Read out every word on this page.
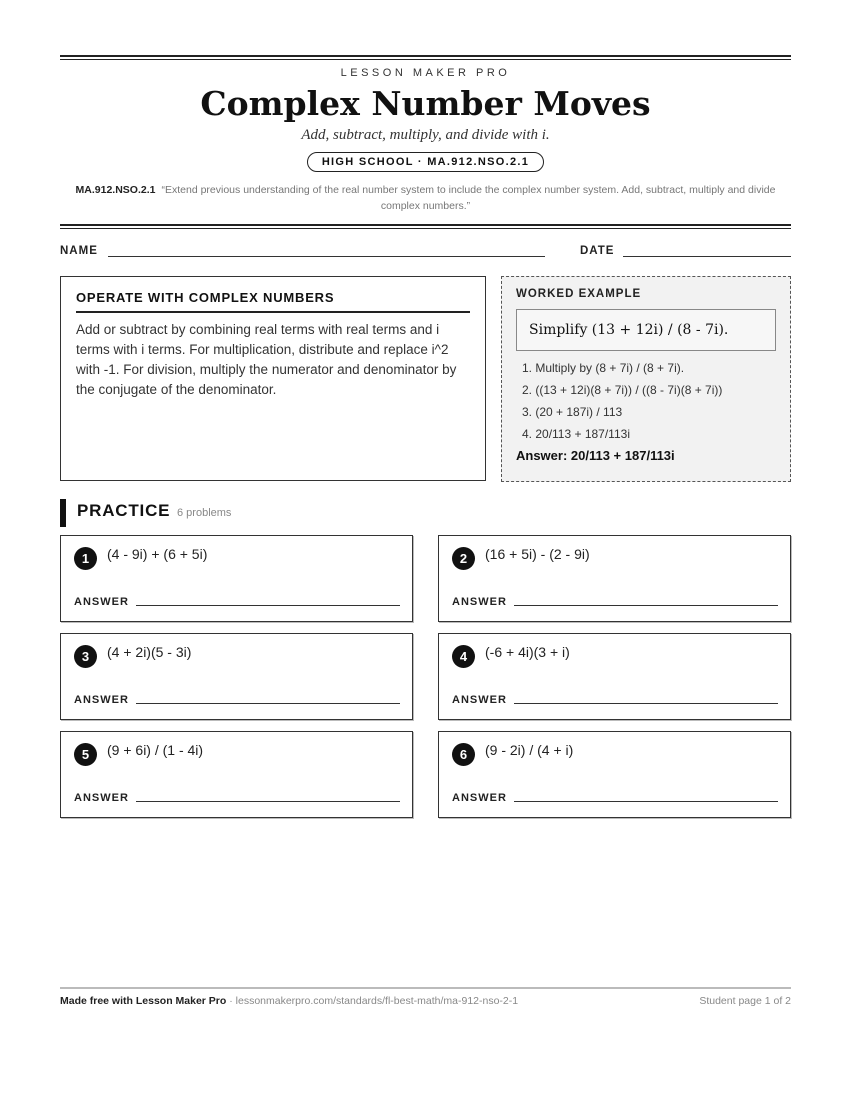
LESSON MAKER PRO
Complex Number Moves
Add, subtract, multiply, and divide with i.
HIGH SCHOOL · MA.912.NSO.2.1
MA.912.NSO.2.1 “Extend previous understanding of the real number system to include the complex number system. Add, subtract, multiply and divide complex numbers.”
NAME	DATE
OPERATE WITH COMPLEX NUMBERS
Add or subtract by combining real terms with real terms and i terms with i terms. For multiplication, distribute and replace i^2 with -1. For division, multiply the numerator and denominator by the conjugate of the denominator.
WORKED EXAMPLE
Simplify (13 + 12i) / (8 - 7i).
1. Multiply by (8 + 7i) / (8 + 7i).
2. ((13 + 12i)(8 + 7i)) / ((8 - 7i)(8 + 7i))
3. (20 + 187i) / 113
4. 20/113 + 187/113i
Answer: 20/113 + 187/113i
PRACTICE 6 problems
1	(4 - 9i) + (6 + 5i)
ANSWER
2	(16 + 5i) - (2 - 9i)
ANSWER
3	(4 + 2i)(5 - 3i)
ANSWER
4	(-6 + 4i)(3 + i)
ANSWER
5	(9 + 6i) / (1 - 4i)
ANSWER
6	(9 - 2i) / (4 + i)
ANSWER
Made free with Lesson Maker Pro · lessonmakerpro.com/standards/fl-best-math/ma-912-nso-2-1	Student page 1 of 2
